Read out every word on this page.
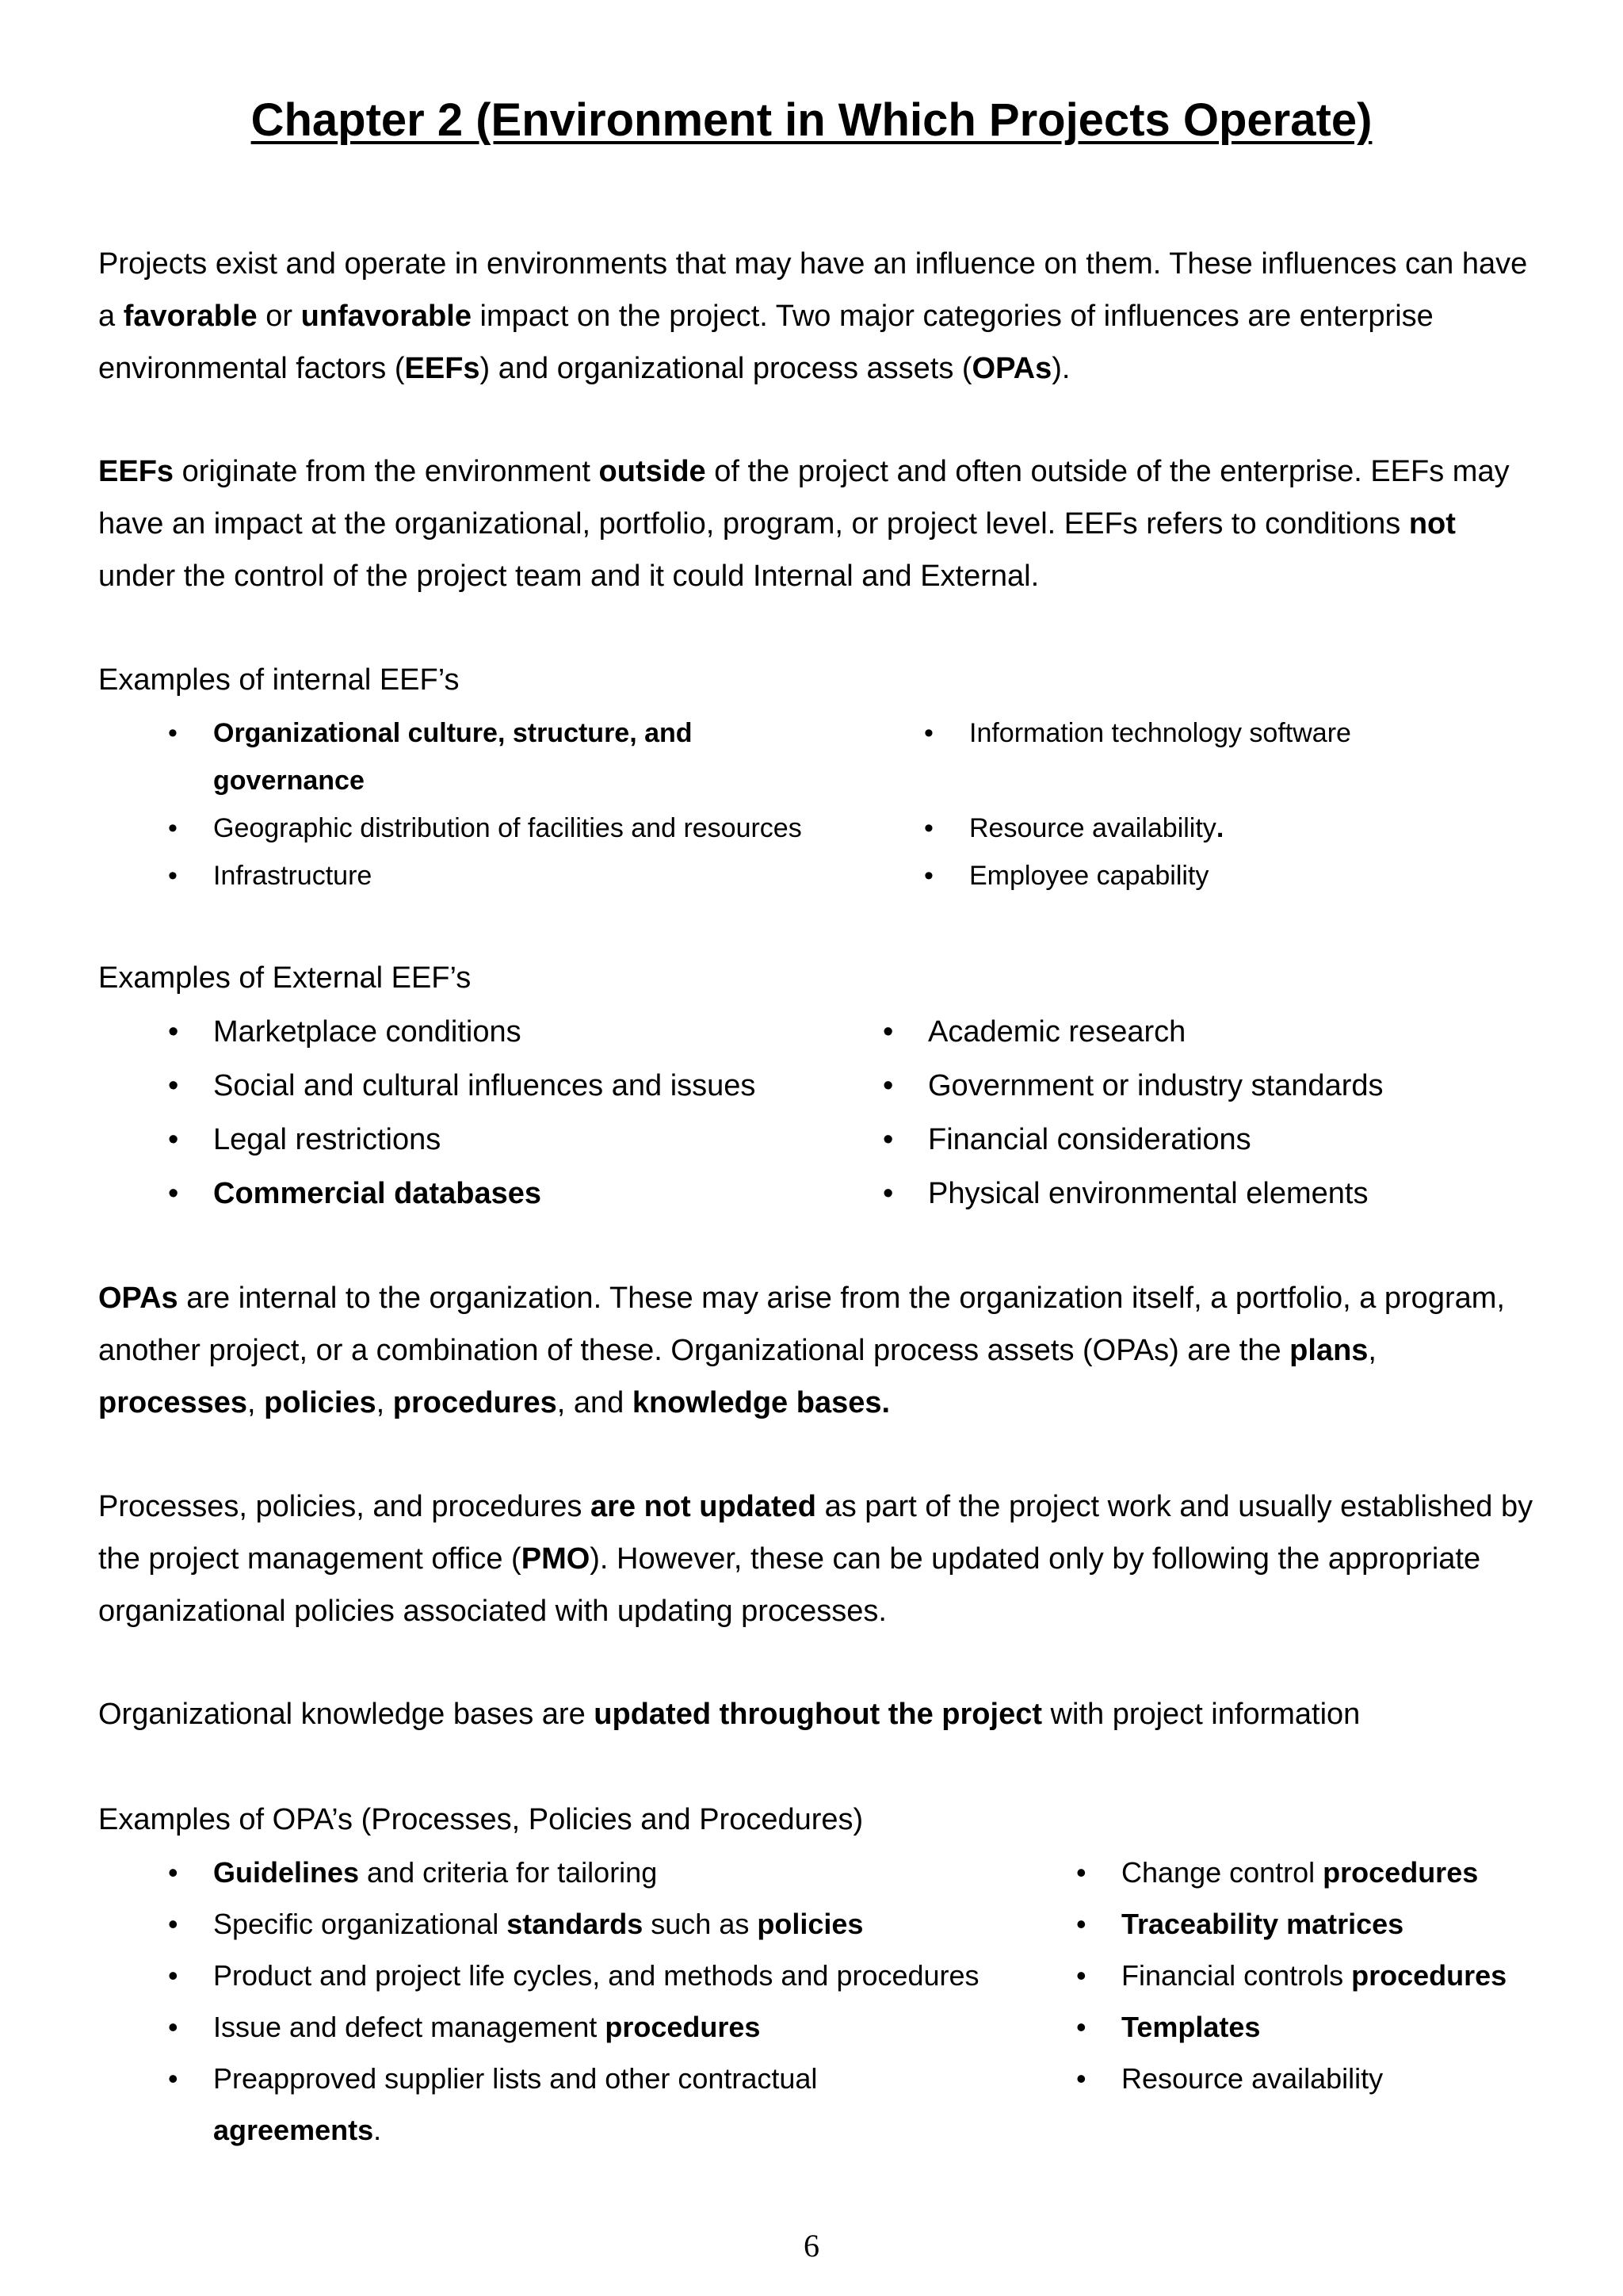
Chapter 2 (Environment in Which Projects Operate)

Projects exist and operate in environments that may have an influence on them. These influences can have a favorable or unfavorable impact on the project. Two major categories of influences are enterprise environmental factors (EEFs) and organizational process assets (OPAs).

EEFs originate from the environment outside of the project and often outside of the enterprise. EEFs may have an impact at the organizational, portfolio, program, or project level. EEFs refers to conditions not under the control of the project team and it could Internal and External.

Examples of internal EEF’s

• Organizational culture, structure, and governance
• Geographic distribution of facilities and resources
• Infrastructure
• Information technology software
• Resource availability.
• Employee capability

Examples of External EEF’s

• Marketplace conditions
• Social and cultural influences and issues
• Legal restrictions
• Commercial databases
• Academic research
• Government or industry standards
• Financial considerations
• Physical environmental elements

OPAs are internal to the organization. These may arise from the organization itself, a portfolio, a program, another project, or a combination of these. Organizational process assets (OPAs) are the plans, processes, policies, procedures, and knowledge bases.

Processes, policies, and procedures are not updated as part of the project work and usually established by the project management office (PMO). However, these can be updated only by following the appropriate organizational policies associated with updating processes.

Organizational knowledge bases are updated throughout the project with project information

Examples of OPA’s (Processes, Policies and Procedures)

• Guidelines and criteria for tailoring
• Specific organizational standards such as policies
• Product and project life cycles, and methods and procedures
• Issue and defect management procedures
• Preapproved supplier lists and other contractual agreements.
• Change control procedures
• Traceability matrices
• Financial controls procedures
• Templates
• Resource availability
6
